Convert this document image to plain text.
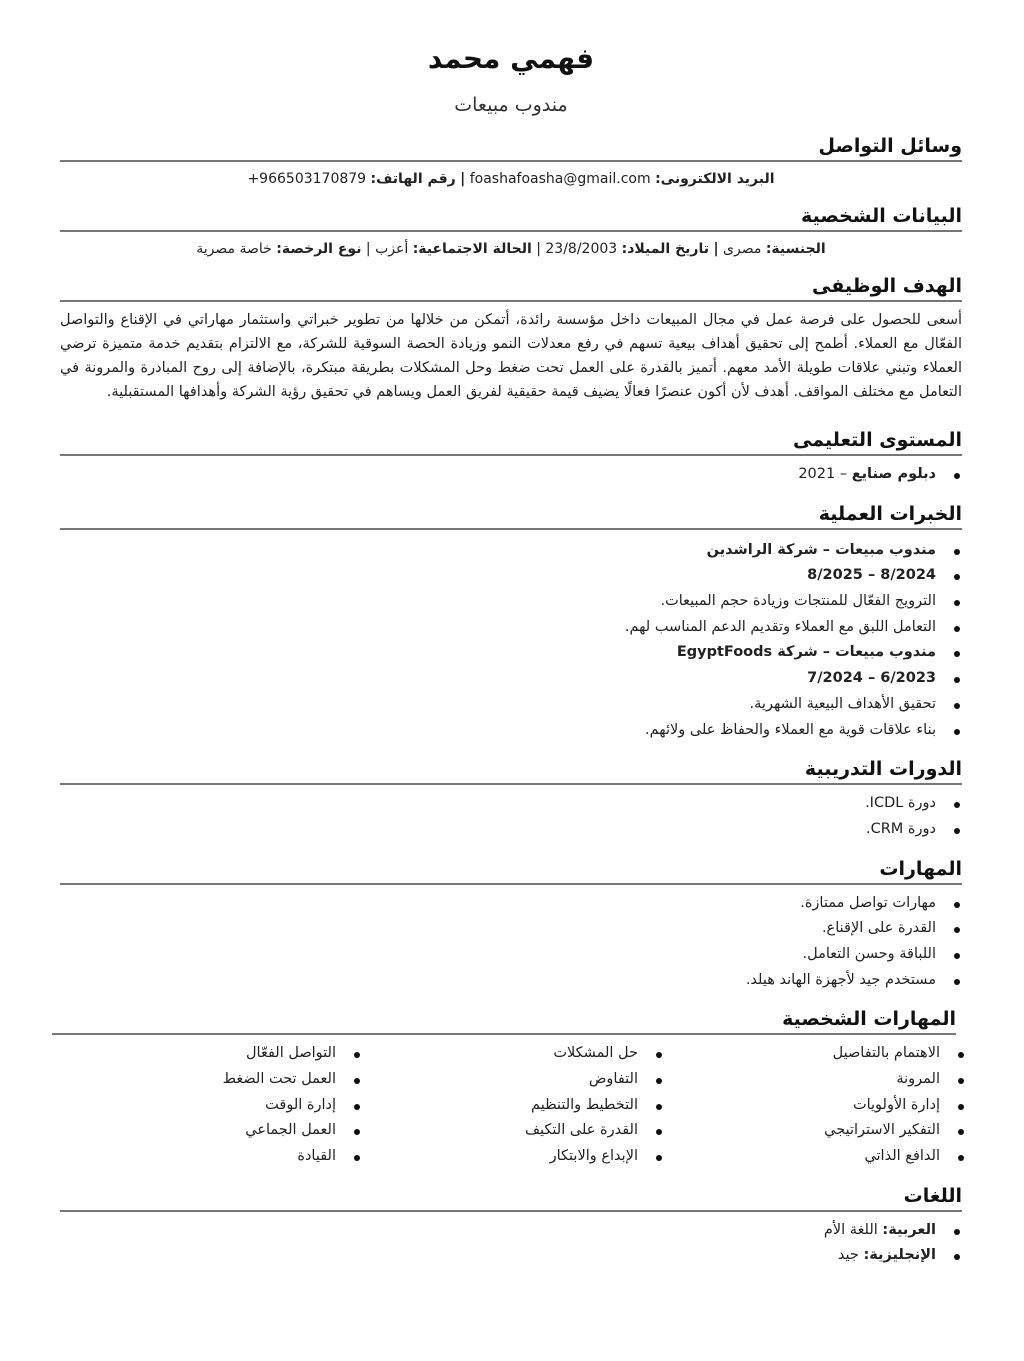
فهمي محمد
مندوب مبيعات
وسائل التواصل
البريد الالكترونى: foashafoasha@gmail.com | رقم الهاتف: +966503170879
البيانات الشخصية
الجنسية: مصرى | تاريخ الميلاد: 23/8/2003 | الحالة الاجتماعية: أعزب | نوع الرخصة: خاصة مصرية
الهدف الوظيفى

أسعى للحصول على فرصة عمل في مجال المبيعات داخل مؤسسة رائدة، أتمكن من خلالها من تطوير خبراتي واستثمار مهاراتي في الإقناع والتواصل الفعّال مع العملاء. أطمح إلى تحقيق أهداف بيعية تسهم في رفع معدلات النمو وزيادة الحصة السوقية للشركة، مع الالتزام بتقديم خدمة متميزة ترضي العملاء وتبني علاقات طويلة الأمد معهم. أتميز بالقدرة على العمل تحت ضغط وحل المشكلات بطريقة مبتكرة، بالإضافة إلى روح المبادرة والمرونة في التعامل مع مختلف المواقف. أهدف لأن أكون عنصرًا فعالًا يضيف قيمة حقيقية لفريق العمل ويساهم في تحقيق رؤية الشركة وأهدافها المستقبلية.

المستوى التعليمى
دبلوم صنايع – 2021
الخبرات العملية
مندوب مبيعات – شركة الراشدين
8/2024 – 8/2025
الترويج الفعّال للمنتجات وزيادة حجم المبيعات.
التعامل اللبق مع العملاء وتقديم الدعم المناسب لهم.
مندوب مبيعات – شركة EgyptFoods
6/2023 – 7/2024
تحقيق الأهداف البيعية الشهرية.
بناء علاقات قوية مع العملاء والحفاظ على ولائهم.
الدورات التدريبية
دورة ICDL.
دورة CRM.
المهارات
مهارات تواصل ممتازة.
القدرة على الإقناع.
اللباقة وحسن التعامل.
مستخدم جيد لأجهزة الهاند هيلد.
المهارات الشخصية
الاهتمام بالتفاصيل
المرونة
إدارة الأولويات
التفكير الاستراتيجي
الدافع الذاتي
حل المشكلات
التفاوض
التخطيط والتنظيم
القدرة على التكيف
الإبداع والابتكار
التواصل الفعّال
العمل تحت الضغط
إدارة الوقت
العمل الجماعي
القيادة
اللغات
العربية: اللغة الأم
الإنجليزية: جيد
